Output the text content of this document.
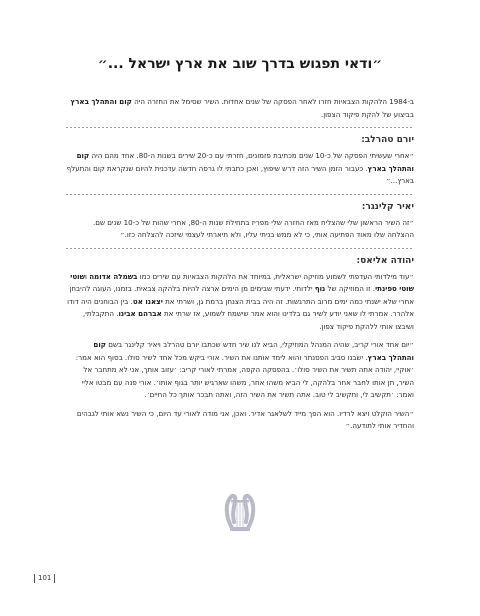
״ודאי תפגוש בדרך שוב את ארץ ישראל ...״

ב-1984 הלהקות הצבאיות חזרו לאחר הפסקה של שנים אחדות. השיר שסימל את החזרה היה קום והתהלך בארץ בביצוע של להקת פיקוד הצפון.

יורם טהרלב:

״אחרי שעשיתי הפסקה של כ-10 שנים מכתיבת פזמונים, חזרתי עם כ-20 שירים בשנות ה-80. אחד מהם היה קום והתהלך בארץ. כעבור הזמן השיר הזה דרש שיפוץ, ואכן כתבתי לו גרסה חדשה עדכנית להיום שנקראת קום והתעלף בארץ...״

יאיר קלינגר:

״זה השיר הראשון שלי שהצליח מאז החזרה שלי מפריז בתחילת שנות ה-80, אחרי שהות של כ-10 שנים שם. ההצלחה שלו מאוד הפתיעה אותי, כי לא ממש בניתי עליו, ולא תיארתי לעצמי שיזכה להצלחה כזו.״

יהודה אליאס:

״עוד מילדותי העדפתי לשמוע מוזיקה ישראלית, במיוחד את הלהקות הצבאיות עם שירים כמו בשמלה אדומה ושוטי שוטי ספינתי. זו המוזיקה של נוף ילדותי. ידעתי שבימים מן הימים ארצה להיות בלהקה צבאית. בזמנו, העוגה להיבחן אחרי שלא ישנתי כמה ימים מרוב התרגשות. זה היה בבית הצנחן ברמת גן, ושרתי את יצאנו אט. בין הבוחנים היה דודו אלהרר. אמרתי לו שאני יודע לשיר גם בלדינו והוא אמר שישמח לשמוע, אז שרתי את אברהם אבינו. התקבלתי, ושיבצו אותי ללהקת פיקוד צפון.

״יום אחד אורי קריב, שהיה המנהל המוזיקלי, הביא לנו שיר חדש שכתבו יורם טהרלב ויאיר קלינגר בשם קום והתהלך בארץ. ישבנו סביב הפסנתר והוא לימד אותנו את השיר. אורי ביקש מכל אחד לשיר סולו. בסוף הוא אמר: ׳אוקיי, יהודה אתה תשיר את השיר סולו׳. בהפסקה הקפה, אמרתי לאורי קריב: ׳עזוב אותך, אני לא מתחבר אל השיר, תן אותו לחבר אחר בלהקה, לי הביא משהו אחר, משהו שארגיש יותר בגוף אותו׳. אורי פנה עם מבטו אליי ואמר: ׳תקשיב לי, ותקשיב לי טוב. אתה תשיר את השיר הזה, ואתה תבכר אותך כל החיים׳.

״השיר הוקלט ויצא לרדיו. הוא הפך מייד לשלאגר אדיר. ואכן, אני מודה לאורי עד היום, כי השיר נשא אותי לגבהים והחדיר אותי לתודעה.״

101
